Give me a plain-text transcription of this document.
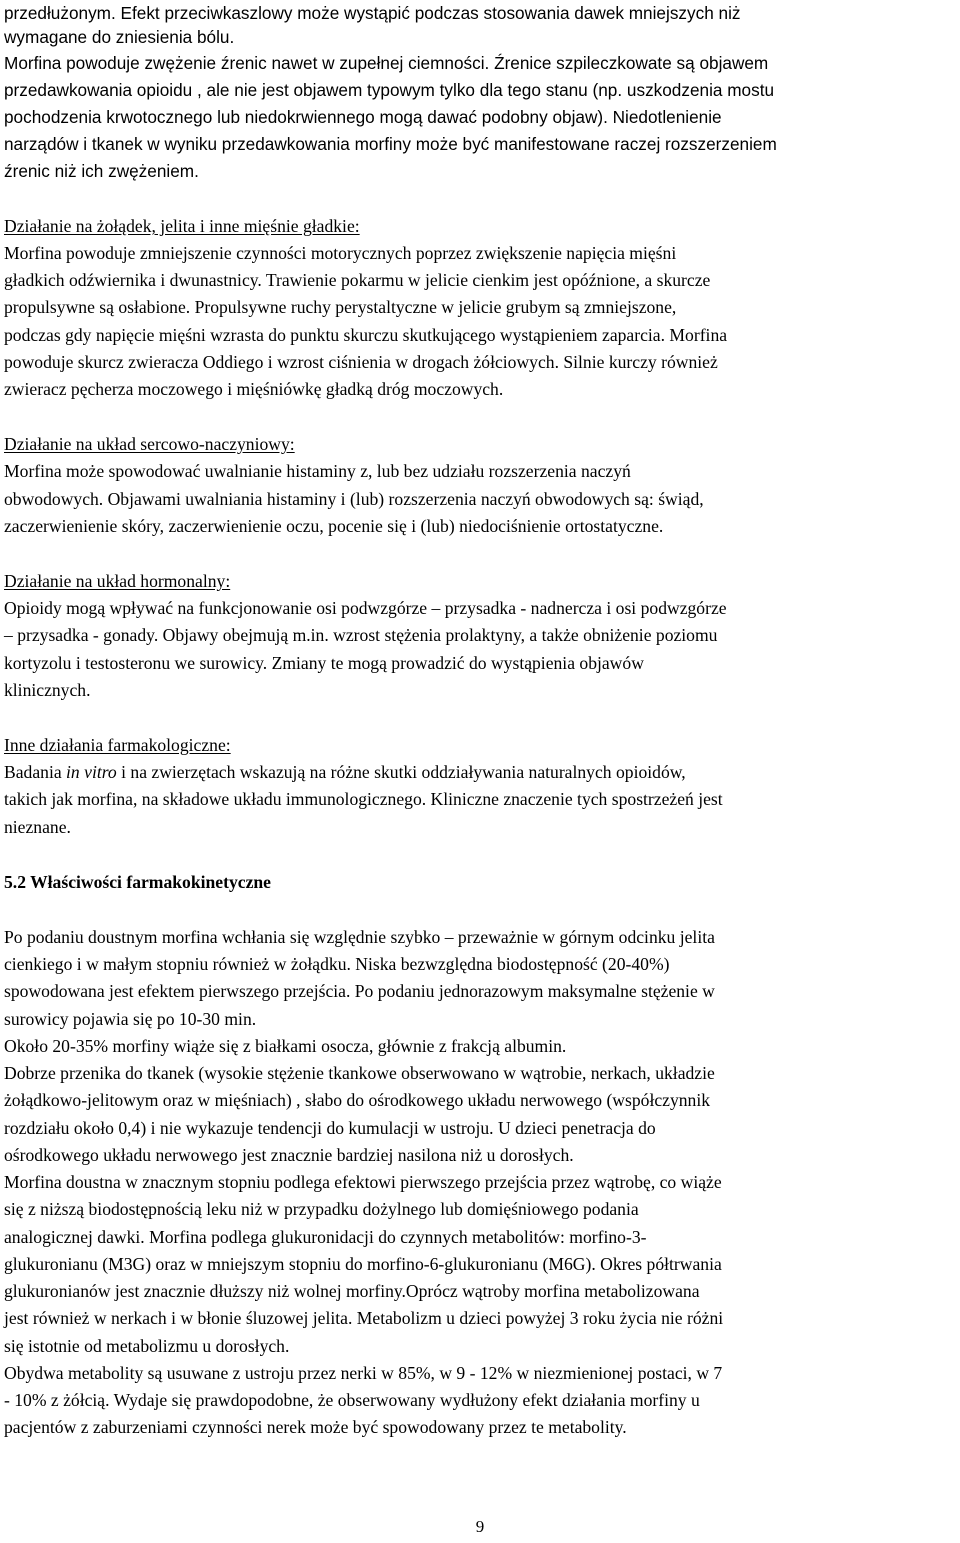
przedłużonym. Efekt przeciwkaszlowy może wystąpić podczas stosowania dawek mniejszych niż
wymagane do zniesienia bólu.
Morfina powoduje zwężenie źrenic nawet w zupełnej ciemności. Źrenice szpileczkowate są objawem
przedawkowania opioidu , ale nie jest objawem typowym tylko dla tego stanu (np. uszkodzenia mostu
pochodzenia krwotocznego lub niedokrwiennego mogą dawać podobny objaw). Niedotlenienie
narządów i tkanek w wyniku przedawkowania morfiny może być manifestowane raczej rozszerzeniem
źrenic niż ich zwężeniem.
Działanie na żołądek, jelita i inne mięśnie gładkie:
Morfina powoduje zmniejszenie czynności motorycznych poprzez zwiększenie napięcia mięśni
gładkich odźwiernika i dwunastnicy. Trawienie pokarmu w jelicie cienkim jest opóźnione, a skurcze
propulsywne są osłabione. Propulsywne ruchy perystaltyczne w jelicie grubym są zmniejszone,
podczas gdy napięcie mięśni wzrasta do punktu skurczu skutkującego wystąpieniem zaparcia. Morfina
powoduje skurcz zwieracza Oddiego i wzrost ciśnienia w drogach żółciowych. Silnie kurczy również
zwieracz pęcherza moczowego i mięśniówkę gładką dróg moczowych.
Działanie na układ sercowo-naczyniowy:
Morfina może spowodować uwalnianie histaminy z, lub bez udziału rozszerzenia naczyń
obwodowych. Objawami uwalniania histaminy i (lub) rozszerzenia naczyń obwodowych są: świąd,
zaczerwienienie skóry, zaczerwienienie oczu, pocenie się i (lub) niedociśnienie ortostatyczne.
Działanie na układ hormonalny:
Opioidy mogą wpływać na funkcjonowanie osi podwzgórze – przysadka - nadnercza i osi podwzgórze
– przysadka - gonady. Objawy obejmują m.in. wzrost stężenia prolaktyny, a także obniżenie poziomu
kortyzolu i testosteronu we surowicy. Zmiany te mogą prowadzić do wystąpienia objawów
klinicznych.
Inne działania farmakologiczne:
Badania in vitro i na zwierzętach wskazują na różne skutki oddziaływania naturalnych opioidów,
takich jak morfina, na składowe układu immunologicznego. Kliniczne znaczenie tych spostrzeżeń jest
nieznane.
5.2 Właściwości farmakokinetyczne
Po podaniu doustnym morfina wchłania się względnie szybko – przeważnie w górnym odcinku jelita
cienkiego i w małym stopniu również w żołądku. Niska bezwzględna biodostępność (20-40%)
spowodowana jest efektem pierwszego przejścia. Po podaniu jednorazowym maksymalne stężenie w
surowicy pojawia się po 10-30 min.
Około 20-35% morfiny wiąże się z białkami osocza, głównie z frakcją albumin.
Dobrze przenika do tkanek (wysokie stężenie tkankowe obserwowano w wątrobie, nerkach, układzie
żołądkowo-jelitowym oraz w mięśniach) , słabo do ośrodkowego układu nerwowego (współczynnik
rozdziału około 0,4) i nie wykazuje tendencji do kumulacji w ustroju. U dzieci penetracja do
ośrodkowego układu nerwowego jest znacznie bardziej nasilona niż u dorosłych.
Morfina doustna w znacznym stopniu podlega efektowi pierwszego przejścia przez wątrobę, co wiąże
się z niższą biodostępnością leku niż w przypadku dożylnego lub domięśniowego podania
analogicznej dawki. Morfina podlega glukuronidacji do czynnych metabolitów: morfino-3-
glukuronianu (M3G) oraz w mniejszym stopniu do morfino-6-glukuronianu (M6G). Okres półtrwania
glukuronianów jest znacznie dłuższy niż wolnej morfiny.Oprócz wątroby morfina metabolizowana
jest również w nerkach i w błonie śluzowej jelita. Metabolizm u dzieci powyżej 3 roku życia nie różni
się istotnie od metabolizmu u dorosłych.
Obydwa metabolity są usuwane z ustroju przez nerki w 85%, w 9 - 12% w niezmienionej postaci, w 7
- 10% z żółcią. Wydaje się prawdopodobne, że obserwowany wydłużony efekt działania morfiny u
pacjentów z zaburzeniami czynności nerek może być spowodowany przez te metabolity.
9
